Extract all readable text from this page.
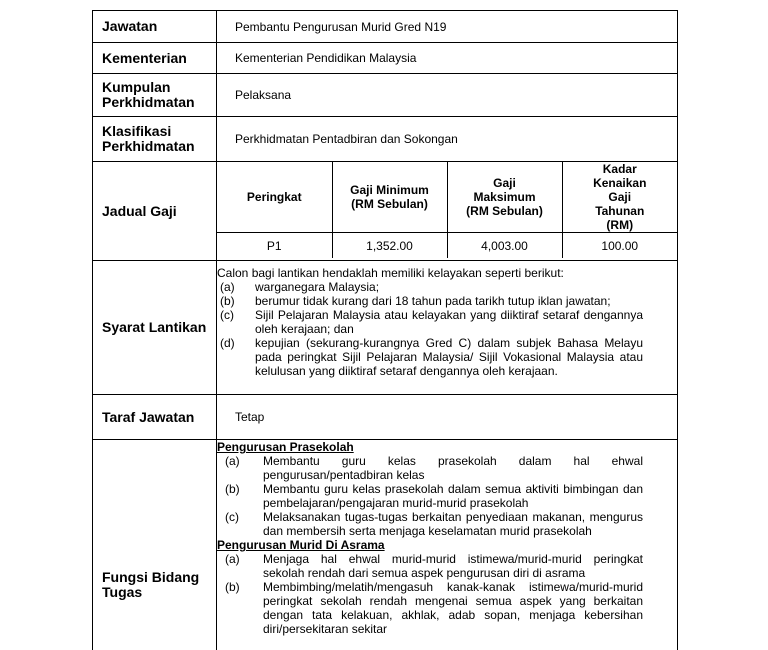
Jawatan	Pembantu Pengurusan Murid Gred N19
Kementerian	Kementerian Pendidikan Malaysia
Kumpulan Perkhidmatan	Pelaksana
Klasifikasi Perkhidmatan	Perkhidmatan Pentadbiran dan Sokongan
Jadual Gaji
Peringkat	Gaji Minimum (RM Sebulan)	Gaji Maksimum (RM Sebulan)	Kadar Kenaikan Gaji Tahunan (RM)
P1	1,352.00	4,003.00	100.00
Syarat Lantikan

Calon bagi lantikan hendaklah memiliki kelayakan seperti berikut:

(a)	warganegara Malaysia;
(b)	berumur tidak kurang dari 18 tahun pada tarikh tutup iklan jawatan;
(c)	Sijil Pelajaran Malaysia atau kelayakan yang diiktiraf setaraf dengannya oleh kerajaan; dan
(d)	kepujian (sekurang-kurangnya Gred C) dalam subjek Bahasa Melayu pada peringkat Sijil Pelajaran Malaysia/ Sijil Vokasional Malaysia atau kelulusan yang diiktiraf setaraf dengannya oleh kerajaan.
Taraf Jawatan	Tetap
Fungsi Bidang Tugas
Pengurusan Prasekolah
(a)	Membantu guru kelas prasekolah dalam hal ehwal pengurusan/pentadbiran kelas
(b)	Membantu guru kelas prasekolah dalam semua aktiviti bimbingan dan pembelajaran/pengajaran murid-murid prasekolah
(c)	Melaksanakan tugas-tugas berkaitan penyediaan makanan, mengurus dan membersih serta menjaga keselamatan murid prasekolah
Pengurusan Murid Di Asrama
(a)	Menjaga hal ehwal murid-murid istimewa/murid-murid peringkat sekolah rendah dari semua aspek pengurusan diri di asrama
(b)	Membimbing/melatih/mengasuh kanak-kanak istimewa/murid-murid peringkat sekolah rendah mengenai semua aspek yang berkaitan dengan tata kelakuan, akhlak, adab sopan, menjaga kebersihan diri/persekitaran sekitar
